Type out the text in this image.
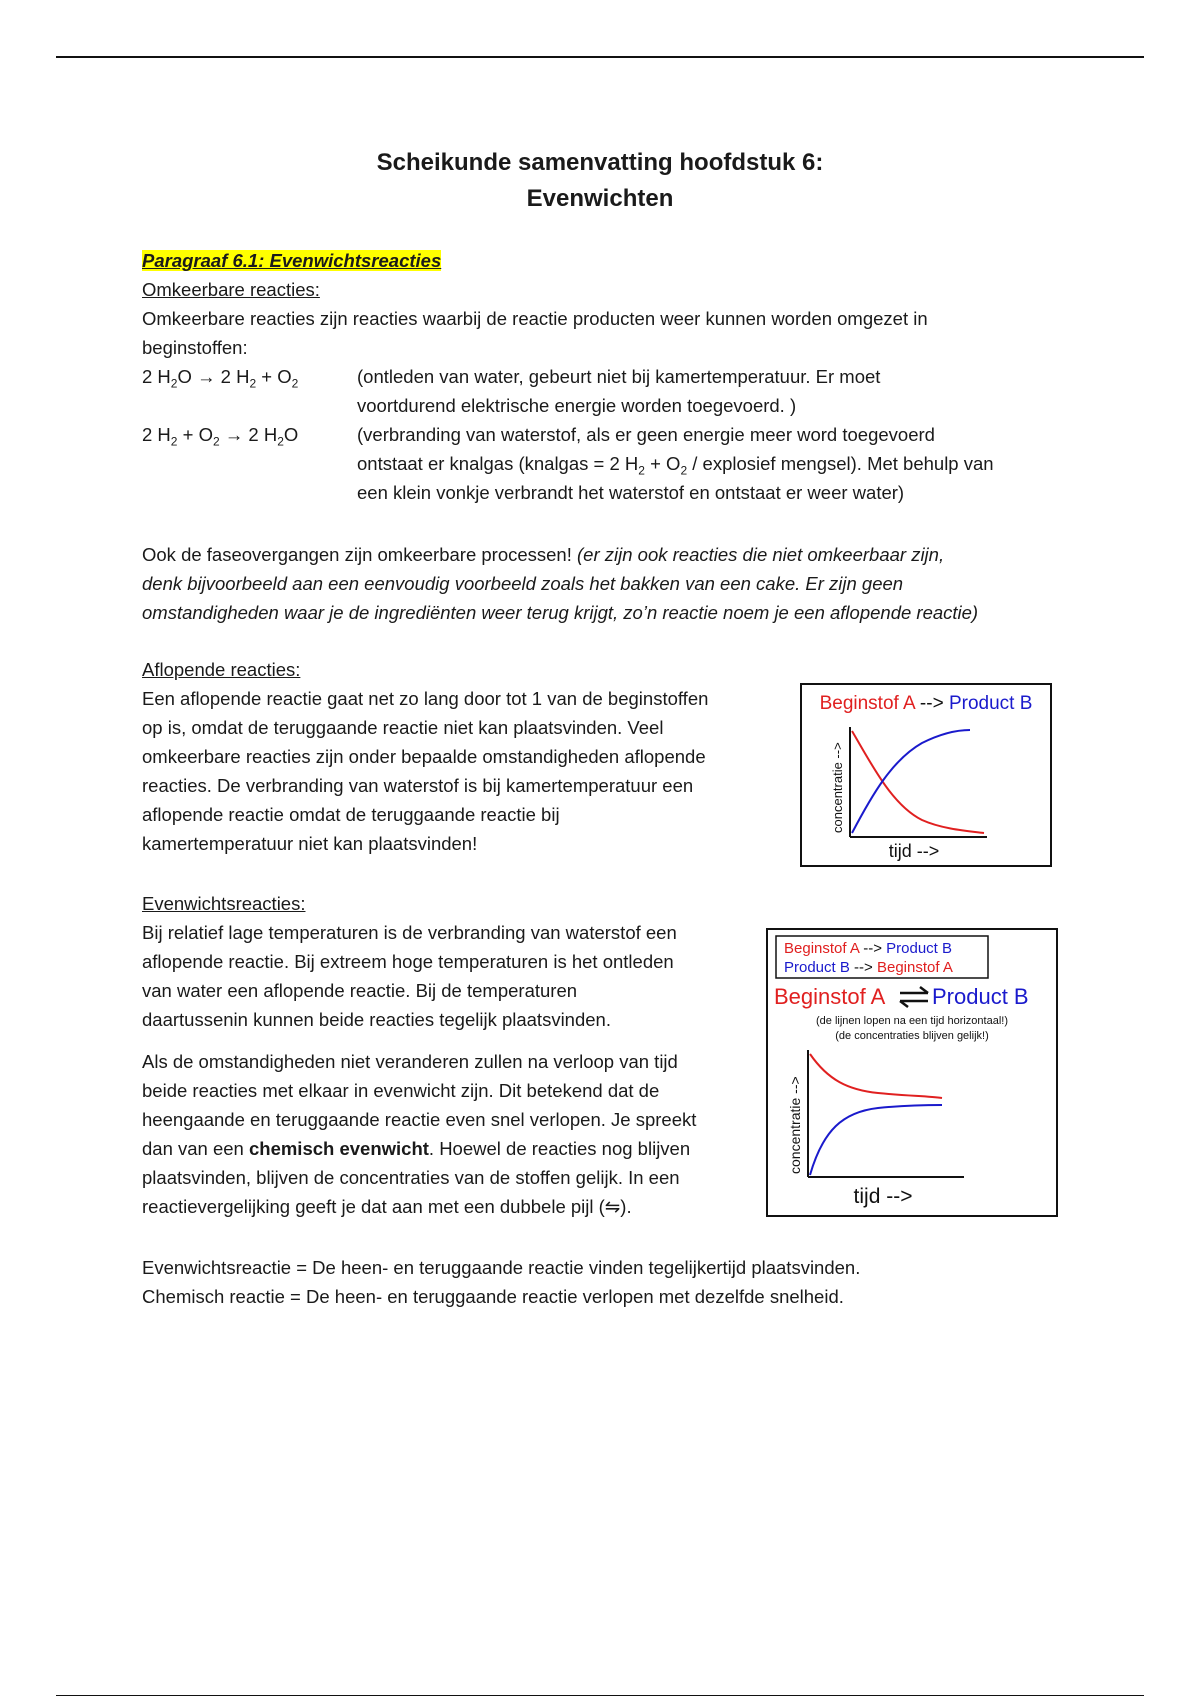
Scheikunde samenvatting hoofdstuk 6:
Evenwichten
Paragraaf 6.1: Evenwichtsreacties
Omkeerbare reacties:
Omkeerbare reacties zijn reacties waarbij de reactie producten weer kunnen worden omgezet in
beginstoffen:
2 $H_2O \to 2$ $H_2 + O_2$	(ontleden van water, gebeurt niet bij kamertemperatuur. Er moet
voortdurend elektrische energie worden toegevoerd. )
2 $H_2 + O_2 \to 2$ $H_2O$	(verbranding van waterstof, als er geen energie meer word toegevoerd
ontstaat er knalgas (knalgas = 2 $H_2 + O_2$ / explosief mengsel). Met behulp van
een klein vonkje verbrandt het waterstof en ontstaat er weer water)
Ook de faseovergangen zijn omkeerbare processen! (er zijn ook reacties die niet omkeerbaar zijn,
denk bijvoorbeeld aan een eenvoudig voorbeeld zoals het bakken van een cake. Er zijn geen
omstandigheden waar je de ingrediënten weer terug krijgt, zo’n reactie noem je een aflopende reactie)
Aflopende reacties:
Een aflopende reactie gaat net zo lang door tot 1 van de beginstoffen
op is, omdat de teruggaande reactie niet kan plaatsvinden. Veel
omkeerbare reacties zijn onder bepaalde omstandigheden aflopende
reacties. De verbranding van waterstof is bij kamertemperatuur een
aflopende reactie omdat de teruggaande reactie bij
kamertemperatuur niet kan plaatsvinden!
Beginstof A --> Product B
concentratie -->
tijd -->
Evenwichtsreacties:
Bij relatief lage temperaturen is de verbranding van waterstof een
aflopende reactie. Bij extreem hoge temperaturen is het ontleden
van water een aflopende reactie. Bij de temperaturen
daartussenin kunnen beide reacties tegelijk plaatsvinden.
Als de omstandigheden niet veranderen zullen na verloop van tijd
beide reacties met elkaar in evenwicht zijn. Dit betekend dat de
heengaande en teruggaande reactie even snel verlopen. Je spreekt
dan van een chemisch evenwicht. Hoewel de reacties nog blijven
plaatsvinden, blijven de concentraties van de stoffen gelijk. In een
reactievergelijking geeft je dat aan met een dubbele pijl (⇋).
Beginstof A --> Product B
Product B --> Beginstof A
Beginstof A Product B
(de lijnen lopen na een tijd horizontaal!)
(de concentraties blijven gelijk!)
concentratie -->
tijd -->
Evenwichtsreactie = De heen- en teruggaande reactie vinden tegelijkertijd plaatsvinden.
Chemisch reactie = De heen- en teruggaande reactie verlopen met dezelfde snelheid.
